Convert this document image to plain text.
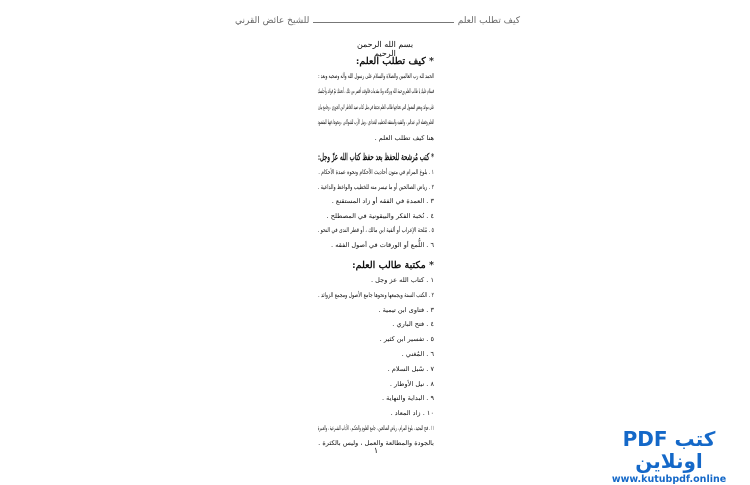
كيف تطلب العلم
للشيخ عائض القرني
بسم الله الرحمن الرحيم
* كيف تطلب العلم:
الحمد لله رب العالمين والصلاة والسلام على رسول الله وآله وصحبه وبعد :
فسلام عليك يا طالب العلم ورحمة الله وبركاته وبلا مقدمات فالوقت أقصر من ذلك ، أتحفك ثمّ فوائد وأجلسك
على موائد وبعض الفصول التي تحتاجها طالب العلم تجدها في مثل كتاب صيد الخاطر لابن الجوزي ، وجامع بيان
العلم وفضله لابن عبدالبر ، والفقيه والمتفقه للخطيب البغدادي ، ونيل الأرب للشوكاني ، ونحوها ،فهنا المقصود
هنا كيف تطلب العلم .
* كتب مُرشحة للحفظ بعد حفظ كتاب الله عزّ وجل:
١ . بلوغ المرام في متون أحاديث الأحكام ونحوه عمدة الأحكام .
٢ . رياض الصالحين أو ما تيسر منه للخطيب والواعظ والداعية .
٣ . العمدة في الفقه أو زاد المستقنع .
٤ . نُخبة الفكر والبيقونية في المصطلح .
٥ . مُلحة الإعراب أو ألفية ابن مالك ، أو قطر الندى في النحو .
٦ . اللُّمع أو الورقات في أصول الفقه .
* مكتبة طالب العلم:
١ . كتاب الله عز وجل .
٢ . الكتب الستة ويجمعها ونحوها جامع الأصول ومجمع الزوائد .
٣ . فتاوى ابن تيمية .
٤ . فتح الباري .
٥ . تفسير ابن كثير .
٦ . المُغني .
٧ . سُبل السلام .
٨ . نيل الأوطار .
٩ . البداية والنهاية .
١٠ . زاد المعاد .
١١ . فتح المجيد ، بلوغ المرام ، رياض الصالحين ، جامع العلوم والحكـم ، الآداب الشـرعية ، والعـبرة
بالجودة والمطالعة والعمل ، وليس بالكثرة .
١	كتب PDF اونلاين
www.kutubpdf.online
